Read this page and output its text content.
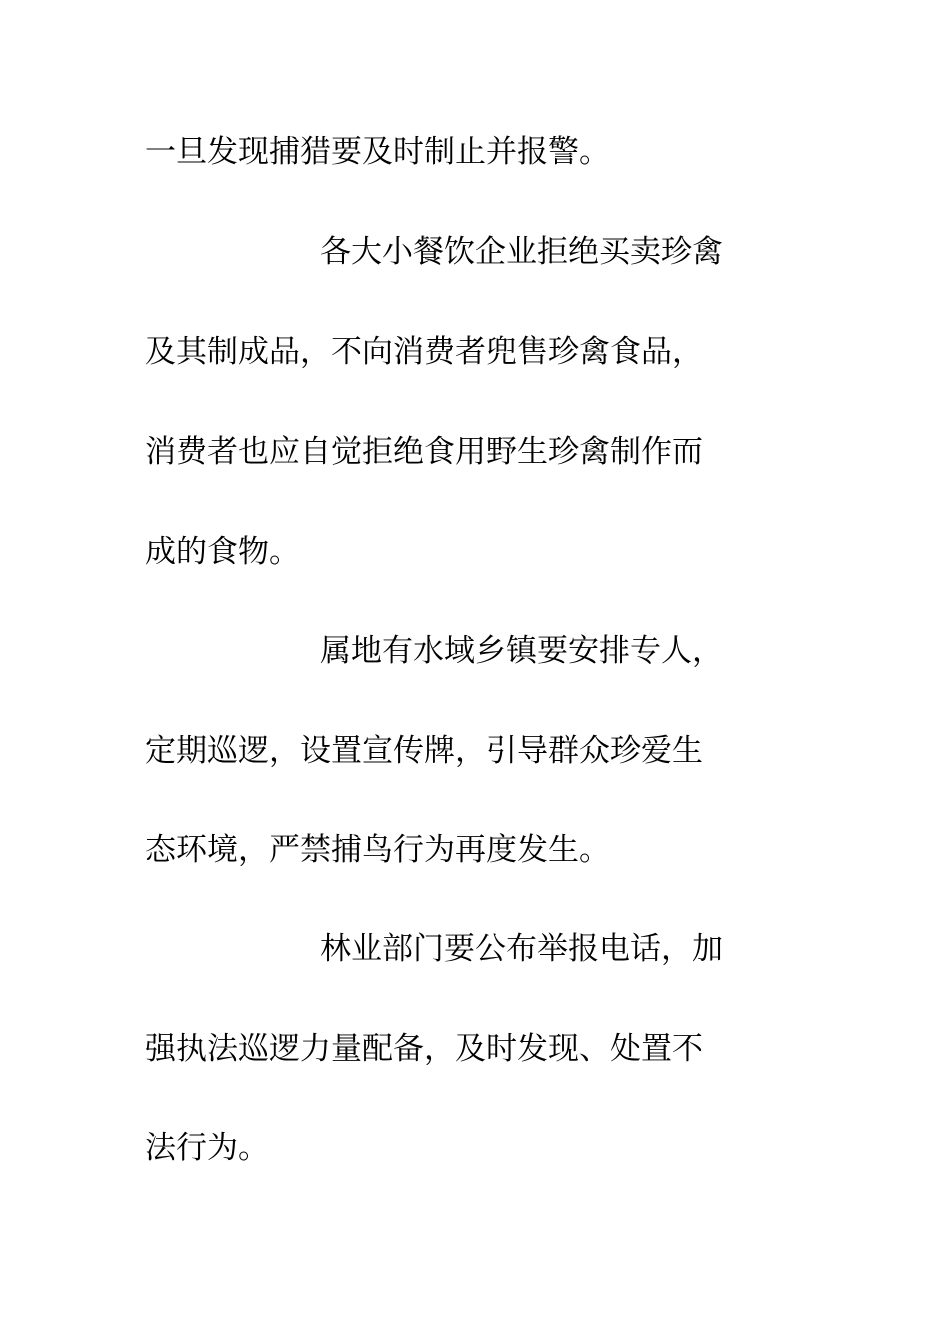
一旦发现捕猎要及时制止并报警。
各大小餐饮企业拒绝买卖珍禽
及其制成品，不向消费者兜售珍禽食品，
消费者也应自觉拒绝食用野生珍禽制作而
成的食物。
属地有水域乡镇要安排专人，
定期巡逻，设置宣传牌，引导群众珍爱生
态环境，严禁捕鸟行为再度发生。
林业部门要公布举报电话，加
强执法巡逻力量配备，及时发现、处置不
法行为。
